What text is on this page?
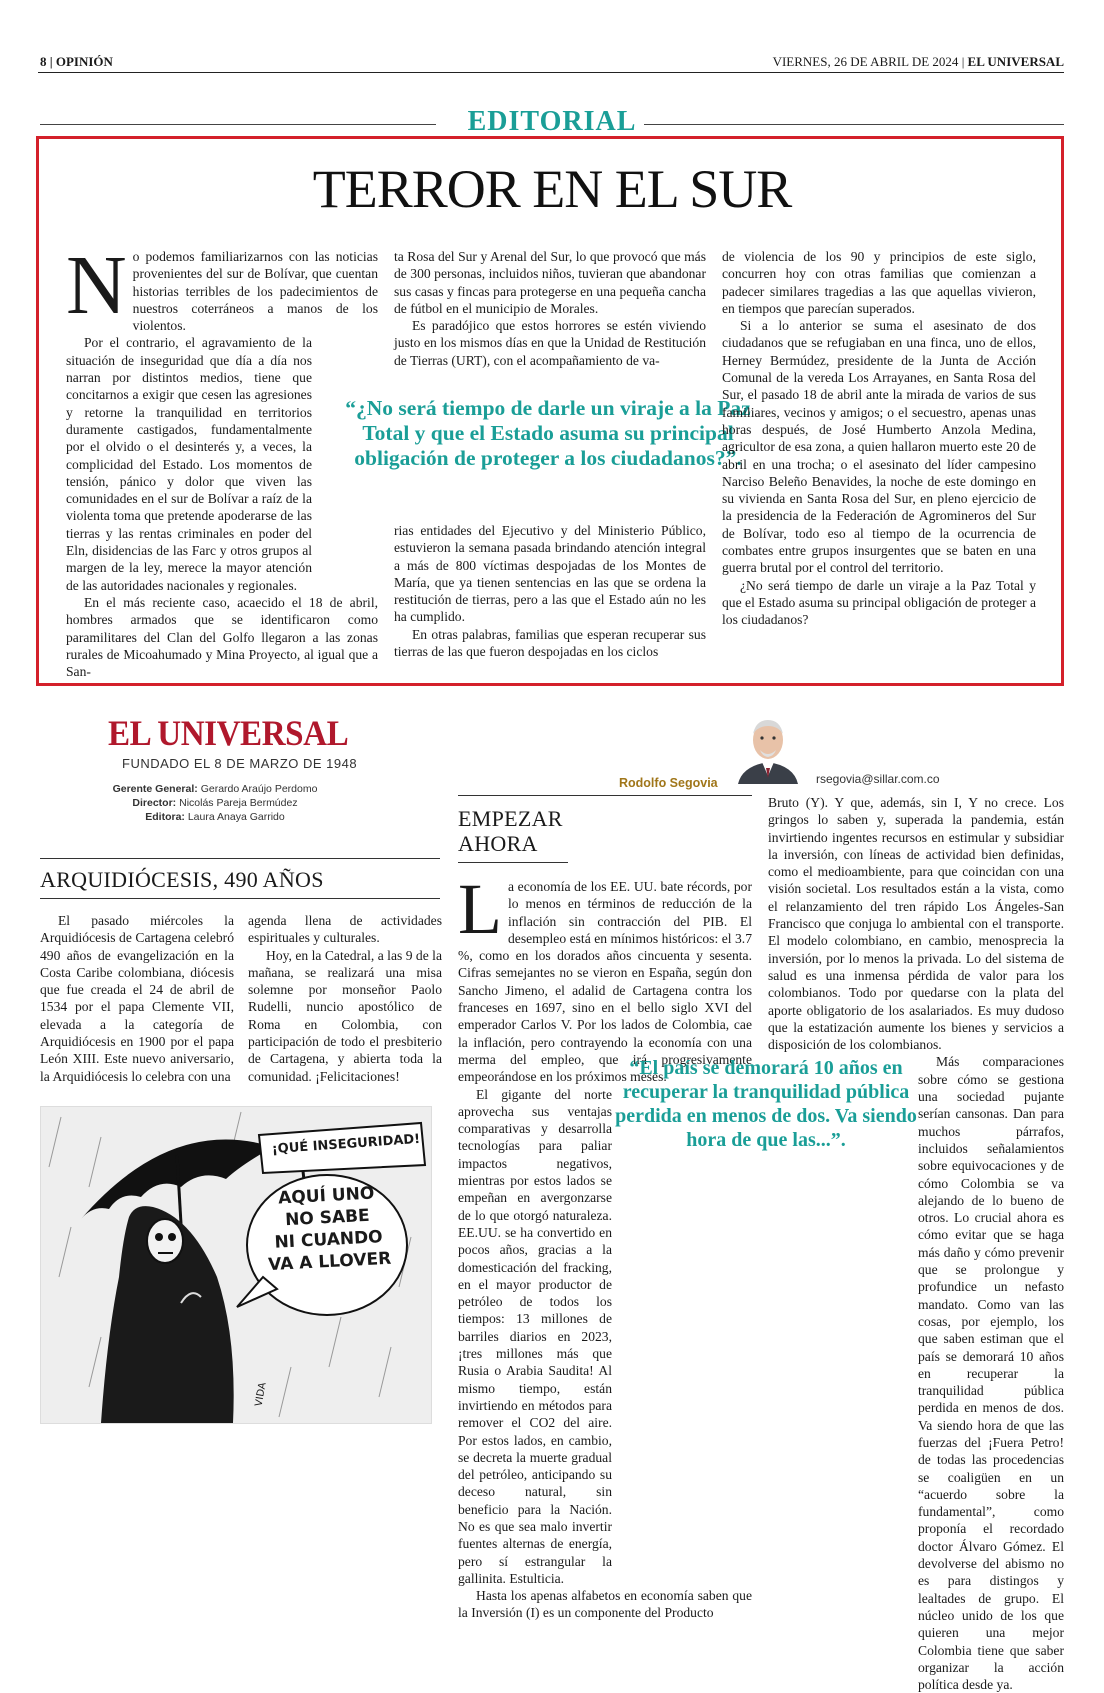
8 | OPINIÓN	VIERNES, 26 DE ABRIL DE 2024 | EL UNIVERSAL
EDITORIAL
TERROR EN EL SUR
N o podemos familiarizarnos con las noticias provenientes del sur de Bolívar, que cuentan historias terribles de los padecimientos de nuestros coterráneos a manos de los violentos.

Por el contrario, el agravamiento de la situación de inseguridad que día a día nos narran por distintos medios, tiene que concitarnos a exigir que cesen las agresiones y retorne la tranquilidad en territorios duramente castigados, fundamentalmente por el olvido o el desinterés y, a veces, la complicidad del Estado. Los momentos de tensión, pánico y dolor que viven las comunidades en el sur de Bolívar a raíz de la violenta toma que pretende apoderarse de las tierras y las rentas criminales en poder del Eln, disidencias de las Farc y otros grupos al margen de la ley, merece la mayor atención de las autoridades nacionales y regionales.

En el más reciente caso, acaecido el 18 de abril, hombres armados que se identificaron como paramilitares del Clan del Golfo llegaron a las zonas rurales de Micoahumado y Mina Proyecto, al igual que a San-

ta Rosa del Sur y Arenal del Sur, lo que provocó que más de 300 personas, incluidos niños, tuvieran que abandonar sus casas y fincas para protegerse en una pequeña cancha de fútbol en el municipio de Morales.

Es paradójico que estos horrores se estén viviendo justo en los mismos días en que la Unidad de Restitución de Tierras (URT), con el acompañamiento de va-

“¿No será tiempo de darle un viraje a la Paz Total y que el Estado asuma su principal obligación de proteger a los ciudadanos?”.

rias entidades del Ejecutivo y del Ministerio Público, estuvieron la semana pasada brindando atención integral a más de 800 víctimas despojadas de los Montes de María, que ya tienen sentencias en las que se ordena la restitución de tierras, pero a las que el Estado aún no les ha cumplido.

En otras palabras, familias que esperan recuperar sus tierras de las que fueron despojadas en los ciclos

de violencia de los 90 y principios de este siglo, concurren hoy con otras familias que comienzan a padecer similares tragedias a las que aquellas vivieron, en tiempos que parecían superados.

Si a lo anterior se suma el asesinato de dos ciudadanos que se refugiaban en una finca, uno de ellos, Herney Bermúdez, presidente de la Junta de Acción Comunal de la vereda Los Arrayanes, en Santa Rosa del Sur, el pasado 18 de abril ante la mirada de varios de sus familiares, vecinos y amigos; o el secuestro, apenas unas horas después, de José Humberto Anzola Medina, agricultor de esa zona, a quien hallaron muerto este 20 de abril en una trocha; o el asesinato del líder campesino Narciso Beleño Benavides, la noche de este domingo en su vivienda en Santa Rosa del Sur, en pleno ejercicio de la presidencia de la Federación de Agromineros del Sur de Bolívar, todo eso al tiempo de la ocurrencia de combates entre grupos insurgentes que se baten en una guerra brutal por el control del territorio.

¿No será tiempo de darle un viraje a la Paz Total y que el Estado asuma su principal obligación de proteger a los ciudadanos?

EL UNIVERSAL
FUNDADO EL 8 DE MARZO DE 1948
Gerente General: Gerardo Araújo Perdomo
Director: Nicolás Pareja Bermúdez
Editora: Laura Anaya Garrido
ARQUIDIÓCESIS, 490 AÑOS

El pasado miércoles la Arquidiócesis de Cartagena celebró 490 años de evangelización en la Costa Caribe colombiana, diócesis que fue creada el 24 de abril de 1534 por el papa Clemente VII, elevada a la categoría de Arquidiócesis en 1900 por el papa León XIII. Este nuevo aniversario, la Arquidiócesis lo celebra con una

agenda llena de actividades espirituales y culturales.

Hoy, en la Catedral, a las 9 de la mañana, se realizará una misa solemne por monseñor Paolo Rudelli, nuncio apostólico de Roma en Colombia, con participación de todo el presbiterio de Cartagena, y abierta toda la comunidad. ¡Felicitaciones!

¡QUÉ INSEGURIDAD!
AQUÍ UNO
NO SABE
NI CUANDO
VA A LLOVER
VIDA
Rodolfo Segovia	rsegovia@sillar.com.co
EMPEZAR
AHORA
L a economía de los EE. UU. bate récords, por lo menos en términos de reducción de la inflación sin contracción del PIB. El desempleo está en mínimos históricos: el 3.7 %, como en los dorados años cincuenta y sesenta. Cifras semejantes no se vieron en España, según don Sancho Jimeno, el adalid de Cartagena contra los franceses en 1697, sino en el bello siglo XVI del emperador Carlos V. Por los lados de Colombia, cae la inflación, pero contrayendo la economía con una merma del empleo, que irá progresivamente empeorándose en los próximos meses.

El gigante del norte aprovecha sus ventajas comparativas y desarrolla tecnologías para paliar impactos negativos, mientras por estos lados se empeñan en avergonzarse de lo que otorgó naturaleza. EE.UU. se ha convertido en pocos años, gracias a la domesticación del fracking, en el mayor productor de petróleo de todos los tiempos: 13 millones de barriles diarios en 2023, ¡tres millones más que Rusia o Arabia Saudita! Al mismo tiempo, están invirtiendo en métodos para remover el CO2 del aire. Por estos lados, en cambio, se decreta la muerte gradual del petróleo, anticipando su deceso natural, sin beneficio para la Nación. No es que sea malo invertir fuentes alternas de energía, pero sí estrangular la gallinita. Estulticia.

Hasta los apenas alfabetos en economía saben que la Inversión (I) es un componente del Producto

“El país se demorará 10 años en recuperar la tranquilidad pública perdida en menos de dos. Va siendo hora de que las...”.

Bruto (Y). Y que, además, sin I, Y no crece. Los gringos lo saben y, superada la pandemia, están invirtiendo ingentes recursos en estimular y subsidiar la inversión, con líneas de actividad bien definidas, como el medioambiente, para que coincidan con una visión societal. Los resultados están a la vista, como el relanzamiento del tren rápido Los Ángeles-San Francisco que conjuga lo ambiental con el transporte. El modelo colombiano, en cambio, menosprecia la inversión, por lo menos la privada. Lo del sistema de salud es una inmensa pérdida de valor para los colombianos. Todo por quedarse con la plata del aporte obligatorio de los asalariados. Es muy dudoso que la estatización aumente los bienes y servicios a disposición de los colombianos.

Más comparaciones sobre cómo se gestiona una sociedad pujante serían cansonas. Dan para muchos párrafos, incluidos señalamientos sobre equivocaciones y de cómo Colombia se va alejando de lo bueno de otros. Lo crucial ahora es cómo evitar que se haga más daño y cómo prevenir que se prolongue y profundice un nefasto mandato. Como van las cosas, por ejemplo, los que saben estiman que el país se demorará 10 años en recuperar la tranquilidad pública perdida en menos de dos. Va siendo hora de que las fuerzas del ¡Fuera Petro! de todas las procedencias se coaligüen en un “acuerdo sobre la fundamental”, como proponía el recordado doctor Álvaro Gómez. El devolverse del abismo no es para distingos y lealtades de grupo. El núcleo unido de los que quieren una mejor Colombia tiene que saber organizar la acción política desde ya.
